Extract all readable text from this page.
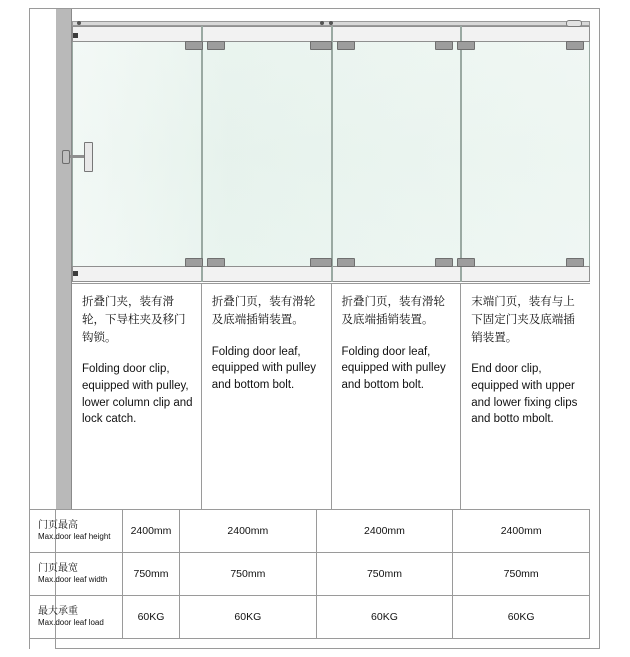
折叠门夹，装有滑轮，下导柱夹及移门钩锁。

Folding door clip, equipped with pulley, lower column clip and lock catch.

折叠门页，装有滑轮及底端插销装置。

Folding door leaf, equipped with pulley and bottom bolt.

折叠门页，装有滑轮及底端插销装置。

Folding door leaf, equipped with pulley and bottom bolt.

末端门页，装有与上下固定门夹及底端插销装置。

End door clip, equipped with upper and lower fixing clips and botto mbolt.

门页最高
Max.door leaf height	2400mm	2400mm	2400mm	2400mm

门页最宽
Max.door leaf width	750mm	750mm	750mm	750mm

最大承重
Max.door leaf load	60KG	60KG	60KG	60KG
